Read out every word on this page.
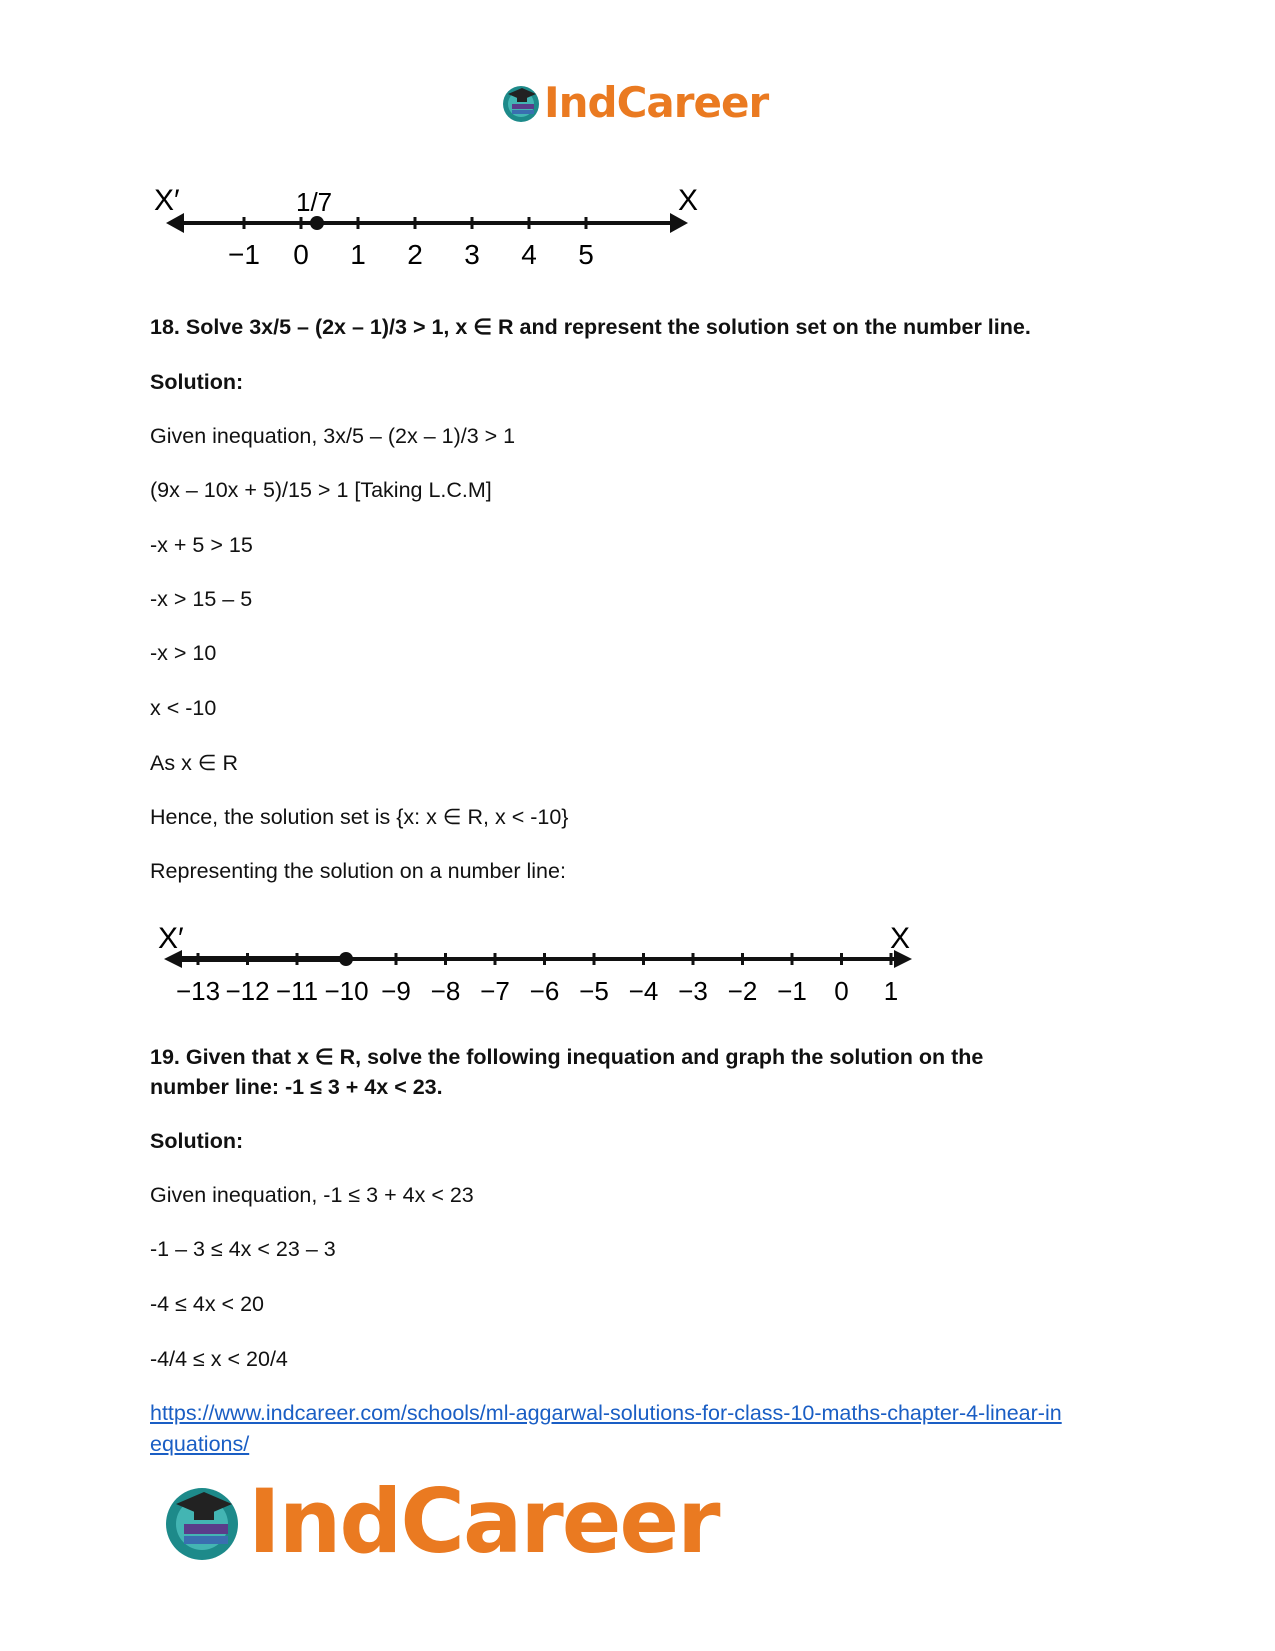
IndCareer
X′	X
−1 0 1 2 3 4 5
1/7
18. Solve 3x/5 – (2x – 1)/3 > 1, x ∈ R and represent the solution set on the number line.
Solution:
Given inequation, 3x/5 – (2x – 1)/3 > 1
(9x – 10x + 5)/15 > 1 [Taking L.C.M]
-x + 5 > 15
-x > 15 – 5
-x > 10
x < -10
As x ∈ R
Hence, the solution set is {x: x ∈ R, x < -10}
Representing the solution on a number line:
X′	X
−13 −12 −11 −10 −9 −8 −7 −6 −5 −4 −3 −2 −1 0 1
19. Given that x ∈ R, solve the following inequation and graph the solution on the
number line: -1 ≤ 3 + 4x < 23.
Solution:
Given inequation, -1 ≤ 3 + 4x < 23
-1 – 3 ≤ 4x < 23 – 3
-4 ≤ 4x < 20
-4/4 ≤ x < 20/4
https://www.indcareer.com/schools/ml-aggarwal-solutions-for-class-10-maths-chapter-4-linear-in
equations/
IndCareer
